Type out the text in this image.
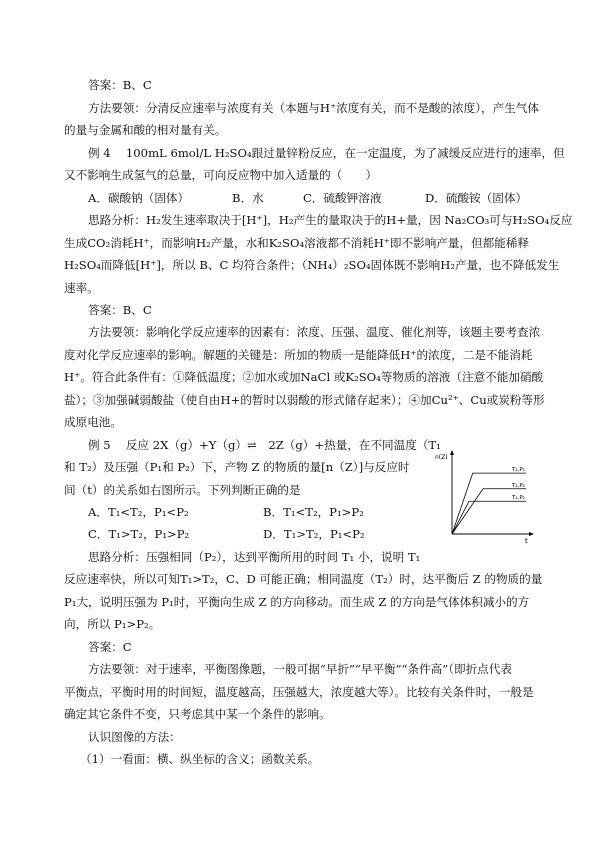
答案：B、C
方法要领：分清反应速率与浓度有关（本题与H⁺浓度有关，而不是酸的浓度），产生气体
的量与金属和酸的相对量有关。
例 4　 100mL 6mol/L H₂SO₄跟过量锌粉反应，在一定温度，为了减缓反应进行的速率，但
又不影响生成氢气的总量，可向反应物中加入适量的（　　）
A．碳酸钠（固体）	B．水	C．硫酸钾溶液	D．硫酸铵（固体）
思路分析：H₂发生速率取决于[H⁺]，H₂产生的量取决于的H+量，因 Na₂CO₃可与H₂SO₄反应
生成CO₂消耗H⁺，而影响H₂产量，水和K₂SO₄溶液都不消耗H⁺即不影响产量，但都能稀释
H₂SO₄而降低[H⁺]，所以 B、C 均符合条件；（NH₄）₂SO₄固体既不影响H₂产量，也不降低发生
速率。
答案：B、C
方法要领：影响化学反应速率的因素有：浓度、压强、温度、催化剂等，该题主要考查浓
度对化学反应速率的影响。解题的关键是：所加的物质一是能降低H⁺的浓度，二是不能消耗
H⁺。符合此条件有：①降低温度；②加水或加NaCl 或K₂SO₄等物质的溶液（注意不能加硝酸
盐）；③加强碱弱酸盐（使自由H+的暂时以弱酸的形式储存起来）；④加Cu²⁺、Cu或炭粉等形
成原电池。
例 5　 反应 2X（g）+Y（g）⇌　2Z（g）+热量，在不同温度（T₁
和 T₂）及压强（P₁和 P₂）下，产物 Z 的物质的量[n（Z）]与反应时
间（t）的关系如右图所示。下列判断正确的是
A．T₁<T₂，P₁<P₂	B．T₁<T₂，P₁>P₂
C．T₁>T₂，P₁>P₂	D．T₁>T₂，P₁<P₂
思路分析：压强相同（P₂），达到平衡所用的时间 T₁ 小，说明 T₁
反应速率快，所以可知T₁>T₂，C、D 可能正确；相同温度（T₂）时，达平衡后 Z 的物质的量
P₁大，说明压强为 P₁时，平衡向生成 Z 的方向移动。而生成 Z 的方向是气体体积减小的方
向，所以 P₁>P₂。
答案：C
方法要领：对于速率，平衡图像题，一般可据“早折”“早平衡”“条件高”（即折点代表
平衡点，平衡时用的时间短，温度越高，压强越大，浓度越大等）。比较有关条件时，一般是
确定其它条件不变，只考虑其中某一个条件的影响。
认识图像的方法：
（1）一看面：横、纵坐标的含义；函数关系。
n(Z)
t
T₂,P₁
T₂,P₂
T₁,P₂
